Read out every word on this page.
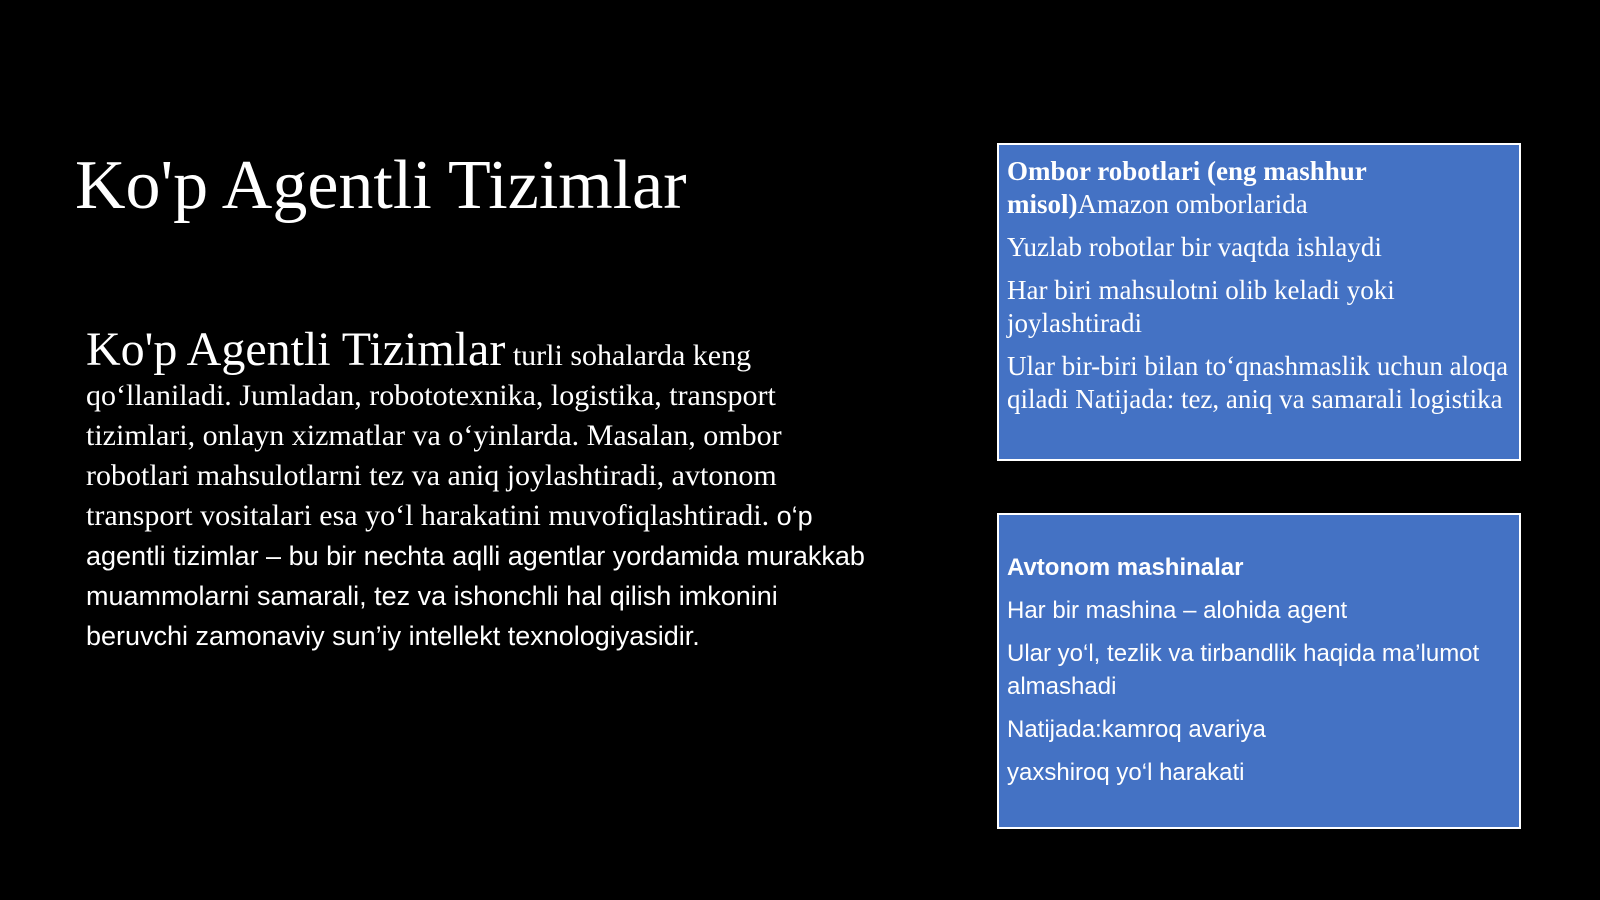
Ko'p Agentli Tizimlar
Ko'p Agentli Tizimlar turli sohalarda keng qo‘llaniladi. Jumladan, robototexnika, logistika, transport tizimlari, onlayn xizmatlar va o‘yinlarda. Masalan, ombor robotlari mahsulotlarni tez va aniq joylashtiradi, avtonom transport vositalari esa yo‘l harakatini muvofiqlashtiradi. o‘p agentli tizimlar – bu bir nechta aqlli agentlar yordamida murakkab muammolarni samarali, tez va ishonchli hal qilish imkonini beruvchi zamonaviy sun’iy intellekt texnologiyasidir.

Ombor robotlari (eng mashhur misol)Amazon omborlarida

Yuzlab robotlar bir vaqtda ishlaydi

Har biri mahsulotni olib keladi yoki joylashtiradi

Ular bir-biri bilan to‘qnashmaslik uchun aloqa qiladi Natijada: tez, aniq va samarali logistika

Avtonom mashinalar

Har bir mashina – alohida agent

Ular yo‘l, tezlik va tirbandlik haqida ma’lumot almashadi

Natijada:kamroq avariya

yaxshiroq yo‘l harakati
